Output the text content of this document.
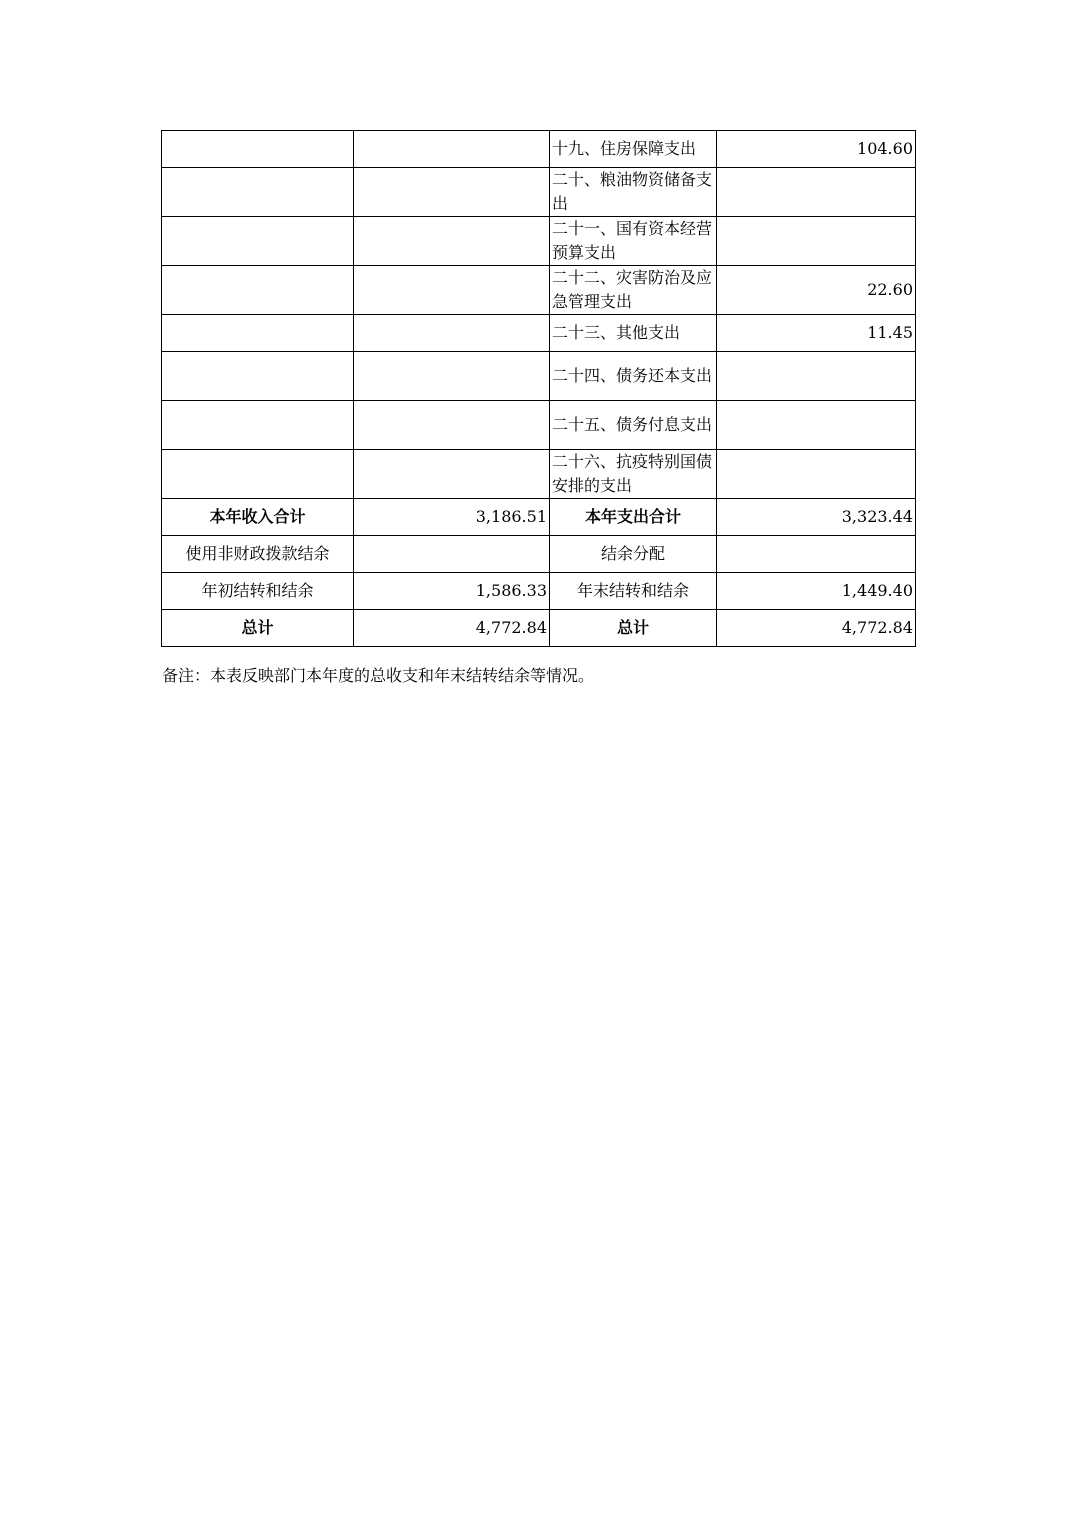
		十九、住房保障支出	104.60
		二十、粮油物资储备支出	
		二十一、国有资本经营预算支出	
		二十二、灾害防治及应急管理支出	22.60
		二十三、其他支出	11.45
		二十四、债务还本支出	
		二十五、债务付息支出	
		二十六、抗疫特别国债安排的支出	
本年收入合计	3,186.51	本年支出合计	3,323.44
使用非财政拨款结余		结余分配	
年初结转和结余	1,586.33	年末结转和结余	1,449.40
总计	4,772.84	总计	4,772.84
备注：本表反映部门本年度的总收支和年末结转结余等情况。
